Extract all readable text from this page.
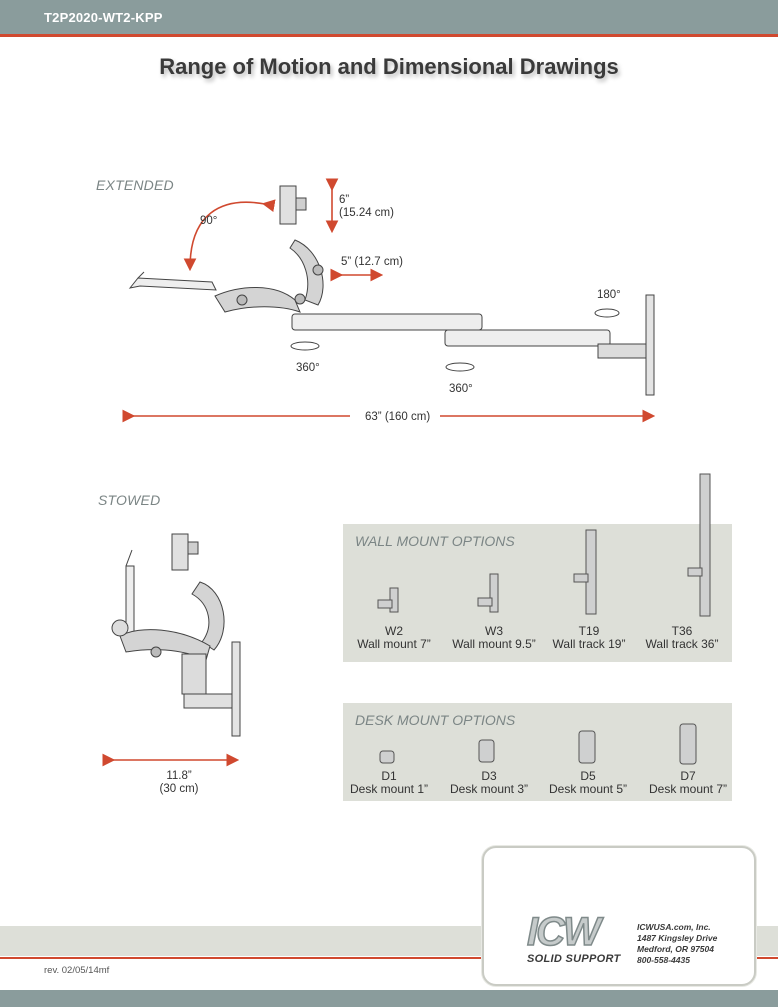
T2P2020-WT2-KPP
Range of Motion and Dimensional Drawings
EXTENDED
90°
6”
(15.24 cm)
5” (12.7 cm)
360°
360°
180°
63” (160 cm)
STOWED
11.8”
(30 cm)
WALL MOUNT OPTIONS
W2
Wall mount 7”
W3
Wall mount 9.5”
T19
Wall track 19”
T36
Wall track 36”
DESK MOUNT OPTIONS
D1
Desk mount 1”
D3
Desk mount 3”
D5
Desk mount 5”
D7
Desk mount 7”
rev. 02/05/14mf
ICW
SOLID SUPPORT
ICWUSA.com, Inc.
1487 Kingsley Drive
Medford, OR 97504
800-558-4435
